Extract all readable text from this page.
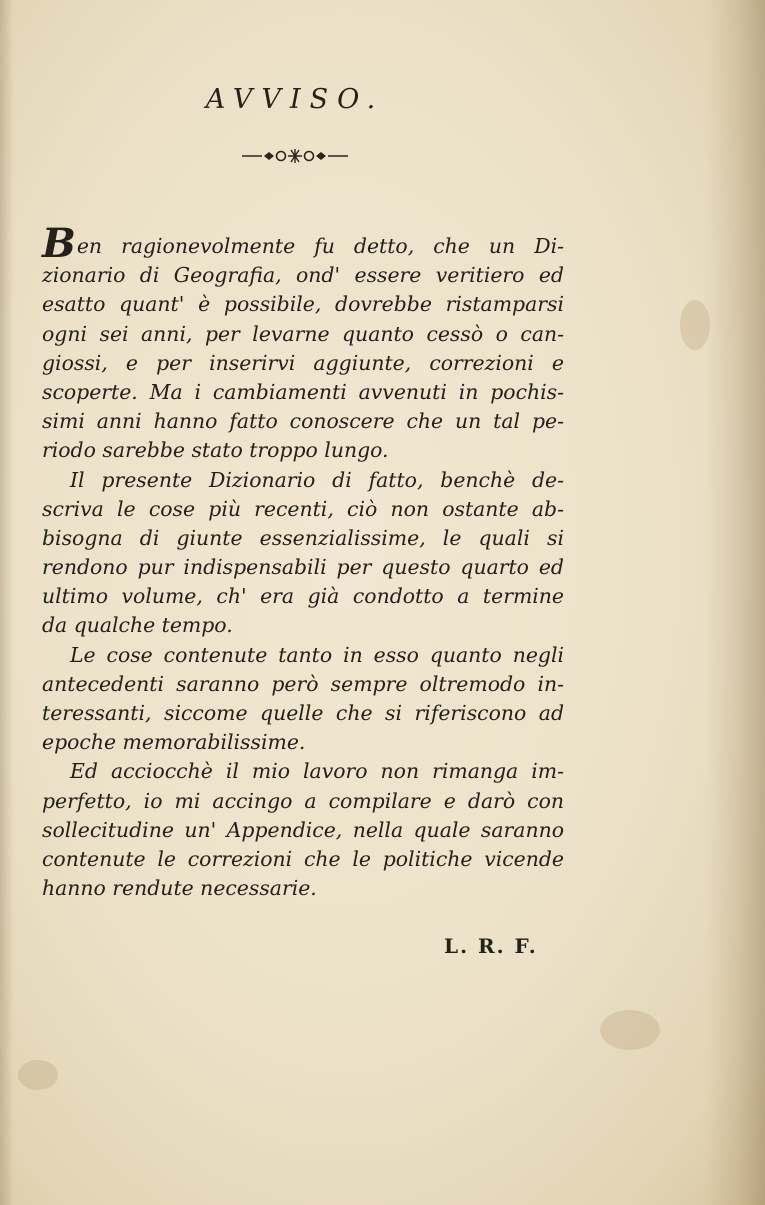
AVVISO.
Ben ragionevolmente fu detto, che un Di-
zionario di Geografia, ond' essere veritiero ed
esatto quant' è possibile, dovrebbe ristamparsi
ogni sei anni, per levarne quanto cessò o can-
giossi, e per inserirvi aggiunte, correzioni e
scoperte. Ma i cambiamenti avvenuti in pochis-
simi anni hanno fatto conoscere che un tal pe-
riodo sarebbe stato troppo lungo.
Il presente Dizionario di fatto, benchè de-
scriva le cose più recenti, ciò non ostante ab-
bisogna di giunte essenzialissime, le quali si
rendono pur indispensabili per questo quarto ed
ultimo volume, ch' era già condotto a termine
da qualche tempo.
Le cose contenute tanto in esso quanto negli
antecedenti saranno però sempre oltremodo in-
teressanti, siccome quelle che si riferiscono ad
epoche memorabilissime.
Ed acciocchè il mio lavoro non rimanga im-
perfetto, io mi accingo a compilare e darò con
sollecitudine un' Appendice, nella quale saranno
contenute le correzioni che le politiche vicende
hanno rendute necessarie.
L. R. F.
